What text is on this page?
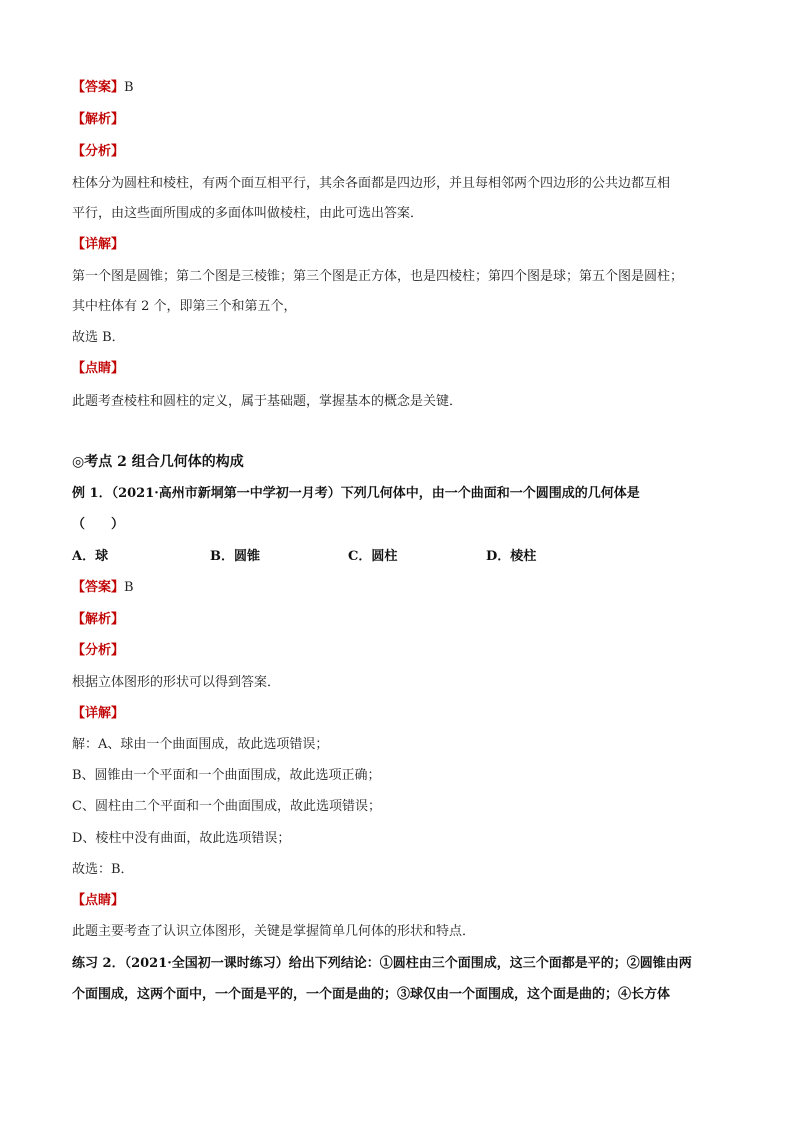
【答案】B
【解析】
【分析】
柱体分为圆柱和棱柱，有两个面互相平行，其余各面都是四边形，并且每相邻两个四边形的公共边都互相
平行，由这些面所围成的多面体叫做棱柱，由此可选出答案．
【详解】
第一个图是圆锥；第二个图是三棱锥；第三个图是正方体，也是四棱柱；第四个图是球；第五个图是圆柱；
其中柱体有 2 个，即第三个和第五个，
故选 B．
【点睛】
此题考查棱柱和圆柱的定义，属于基础题，掌握基本的概念是关键．
◎考点 2 组合几何体的构成
例 1．（2021·高州市新垌第一中学初一月考）下列几何体中，由一个曲面和一个圆围成的几何体是
（　　）
A．球	B．圆锥	C．圆柱	D．棱柱
【答案】B
【解析】
【分析】
根据立体图形的形状可以得到答案．
【详解】
解：A、球由一个曲面围成，故此选项错误；
B、圆锥由一个平面和一个曲面围成，故此选项正确；
C、圆柱由二个平面和一个曲面围成，故此选项错误；
D、棱柱中没有曲面，故此选项错误；
故选：B．
【点睛】
此题主要考查了认识立体图形，关键是掌握简单几何体的形状和特点．
练习 2．（2021·全国初一课时练习）给出下列结论：①圆柱由三个面围成，这三个面都是平的；②圆锥由两
个面围成，这两个面中，一个面是平的，一个面是曲的；③球仅由一个面围成，这个面是曲的；④长方体
